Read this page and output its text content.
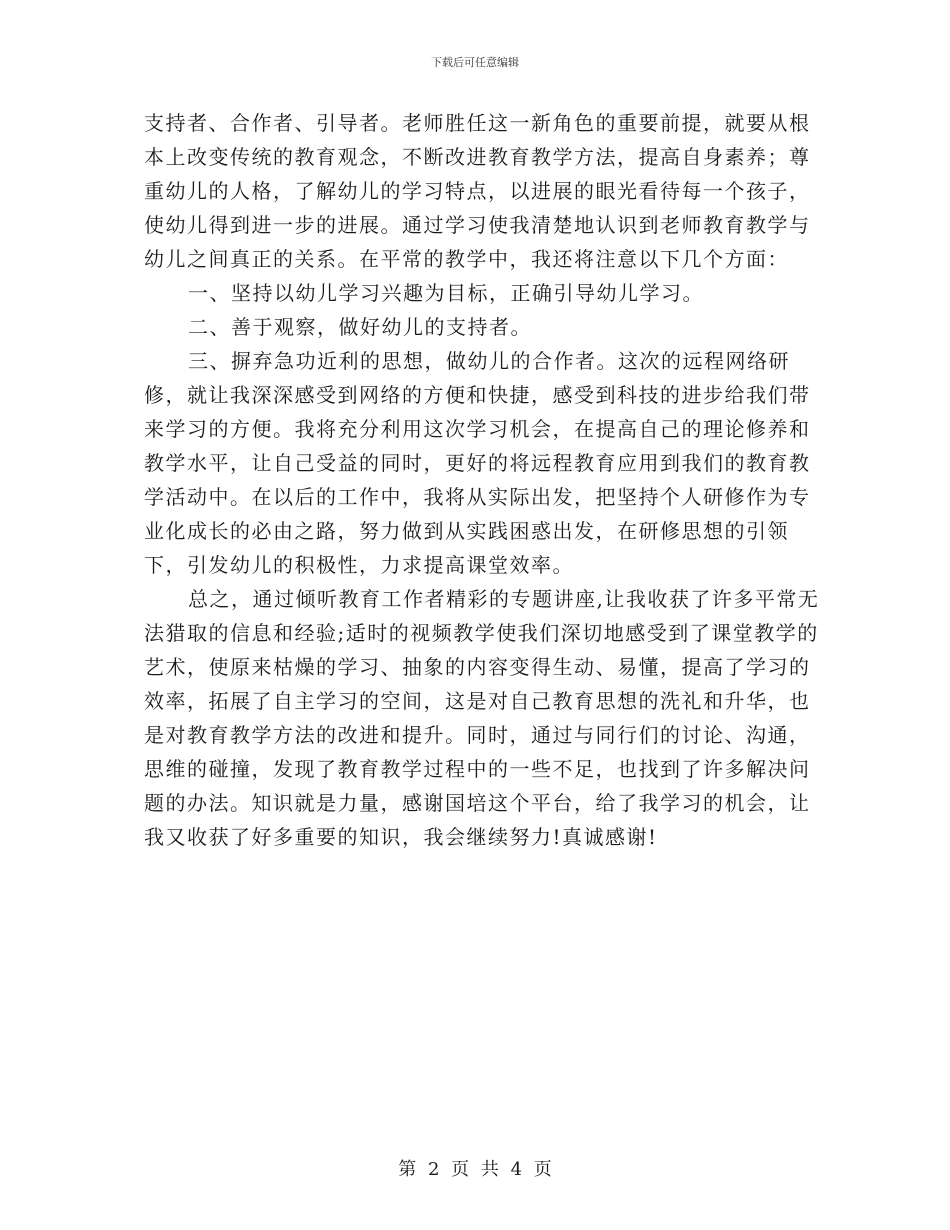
下载后可任意编辑

支持者、合作者、引导者。老师胜任这一新角色的重要前提，就要从根本上改变传统的教育观念，不断改进教育教学方法，提高自身素养；尊重幼儿的人格，了解幼儿的学习特点，以进展的眼光看待每一个孩子，使幼儿得到进一步的进展。通过学习使我清楚地认识到老师教育教学与幼儿之间真正的关系。在平常的教学中，我还将注意以下几个方面：

一、坚持以幼儿学习兴趣为目标，正确引导幼儿学习。

二、善于观察，做好幼儿的支持者。

三、摒弃急功近利的思想，做幼儿的合作者。这次的远程网络研修，就让我深深感受到网络的方便和快捷，感受到科技的进步给我们带来学习的方便。我将充分利用这次学习机会，在提高自己的理论修养和教学水平，让自己受益的同时，更好的将远程教育应用到我们的教育教学活动中。在以后的工作中，我将从实际出发，把坚持个人研修作为专业化成长的必由之路，努力做到从实践困惑出发，在研修思想的引领下，引发幼儿的积极性，力求提高课堂效率。

总之，通过倾听教育工作者精彩的专题讲座,让我收获了许多平常无法猎取的信息和经验;适时的视频教学使我们深切地感受到了课堂教学的艺术，使原来枯燥的学习、抽象的内容变得生动、易懂，提高了学习的效率，拓展了自主学习的空间，这是对自己教育思想的洗礼和升华，也是对教育教学方法的改进和提升。同时，通过与同行们的讨论、沟通，思维的碰撞，发现了教育教学过程中的一些不足，也找到了许多解决问题的办法。知识就是力量，感谢国培这个平台，给了我学习的机会，让我又收获了好多重要的知识，我会继续努力!真诚感谢!

第 2 页 共 4 页
